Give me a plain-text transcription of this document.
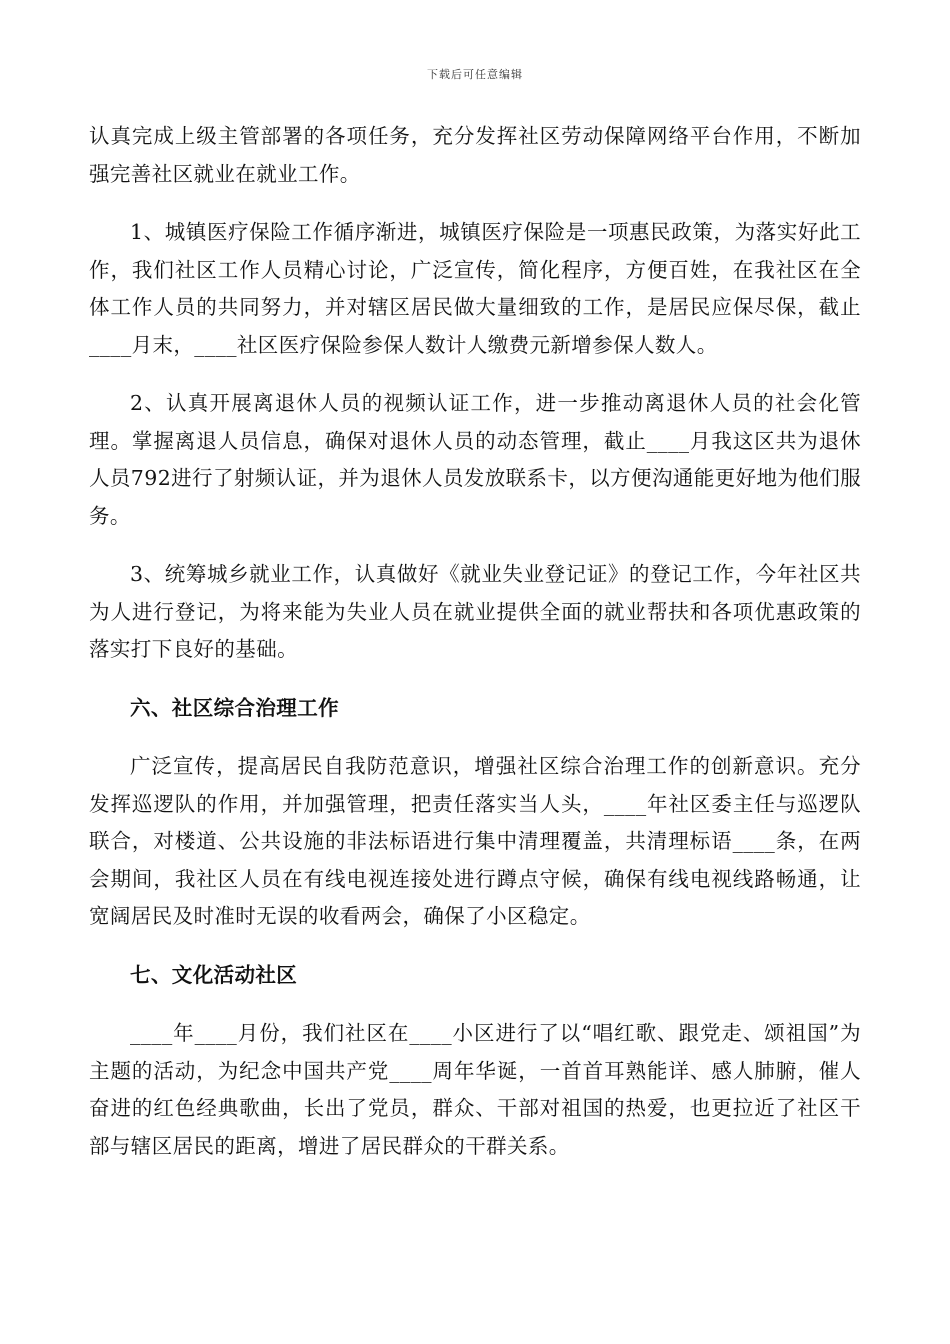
下载后可任意编辑

认真完成上级主管部署的各项任务，充分发挥社区劳动保障网络平台作用，不断加强完善社区就业在就业工作。

1、城镇医疗保险工作循序渐进，城镇医疗保险是一项惠民政策，为落实好此工作，我们社区工作人员精心讨论，广泛宣传，简化程序，方便百姓，在我社区在全体工作人员的共同努力，并对辖区居民做大量细致的工作，是居民应保尽保，截止____月末，____社区医疗保险参保人数计人缴费元新增参保人数人。

2、认真开展离退休人员的视频认证工作，进一步推动离退休人员的社会化管理。掌握离退人员信息，确保对退休人员的动态管理，截止____月我这区共为退休人员792进行了射频认证，并为退休人员发放联系卡，以方便沟通能更好地为他们服务。

3、统筹城乡就业工作，认真做好《就业失业登记证》的登记工作，今年社区共为人进行登记，为将来能为失业人员在就业提供全面的就业帮扶和各项优惠政策的落实打下良好的基础。

六、社区综合治理工作

广泛宣传，提高居民自我防范意识，增强社区综合治理工作的创新意识。充分发挥巡逻队的作用，并加强管理，把责任落实当人头，____年社区委主任与巡逻队联合，对楼道、公共设施的非法标语进行集中清理覆盖，共清理标语____条，在两会期间，我社区人员在有线电视连接处进行蹲点守候，确保有线电视线路畅通，让宽阔居民及时准时无误的收看两会，确保了小区稳定。

七、文化活动社区

____年____月份，我们社区在____小区进行了以“唱红歌、跟党走、颂祖国”为主题的活动，为纪念中国共产党____周年华诞，一首首耳熟能详、感人肺腑，催人奋进的红色经典歌曲，长出了党员，群众、干部对祖国的热爱，也更拉近了社区干部与辖区居民的距离，增进了居民群众的干群关系。
